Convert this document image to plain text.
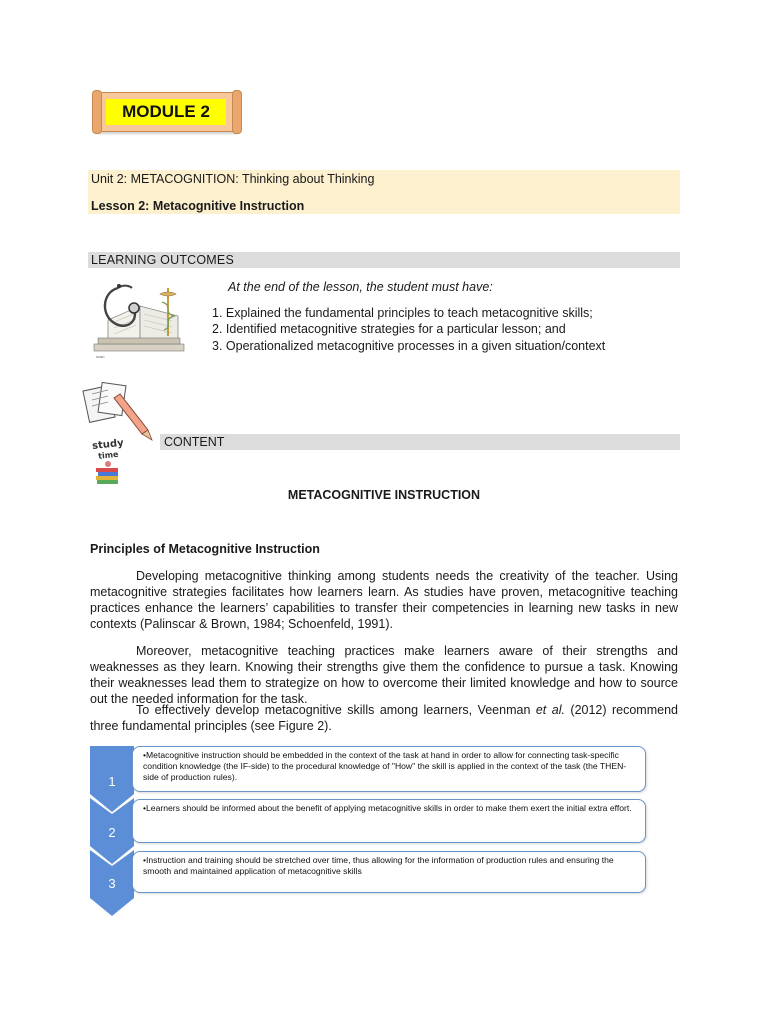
MODULE 2
Unit 2: METACOGNITION: Thinking about Thinking
Lesson 2: Metacognitive Instruction
LEARNING OUTCOMES
scan
At the end of the lesson, the student must have:
1. Explained the fundamental principles to teach metacognitive skills;
2. Identified metacognitive strategies for a particular lesson; and
3. Operationalized metacognitive processes in a given situation/context
study
time
CONTENT
METACOGNITIVE INSTRUCTION
Principles of Metacognitive Instruction

Developing metacognitive thinking among students needs the creativity of the teacher. Using metacognitive strategies facilitates how learners learn. As studies have proven, metacognitive teaching practices enhance the learners’ capabilities to transfer their competencies in learning new tasks in new contexts (Palinscar & Brown, 1984; Schoenfeld, 1991).

Moreover, metacognitive teaching practices make learners aware of their strengths and weaknesses as they learn. Knowing their strengths give them the confidence to pursue a task. Knowing their weaknesses lead them to strategize on how to overcome their limited knowledge and how to source out the needed information for the task.

To effectively develop metacognitive skills among learners, Veenman et al. (2012) recommend three fundamental principles (see Figure 2).

1
•Metacognitive instruction should be embedded in the context of the task at hand in order to allow for connecting task-specific condition knowledge (the IF-side) to the procedural knowledge of "How" the skill is applied in the context of the task (the THEN-side of production rules).
2
•Learners should be informed about the benefit of applying metacognitive skills in order to make them exert the initial extra effort.
3
•Instruction and training should be stretched over time, thus allowing for the information of production rules and ensuring the smooth and maintained application of metacognitive skills
